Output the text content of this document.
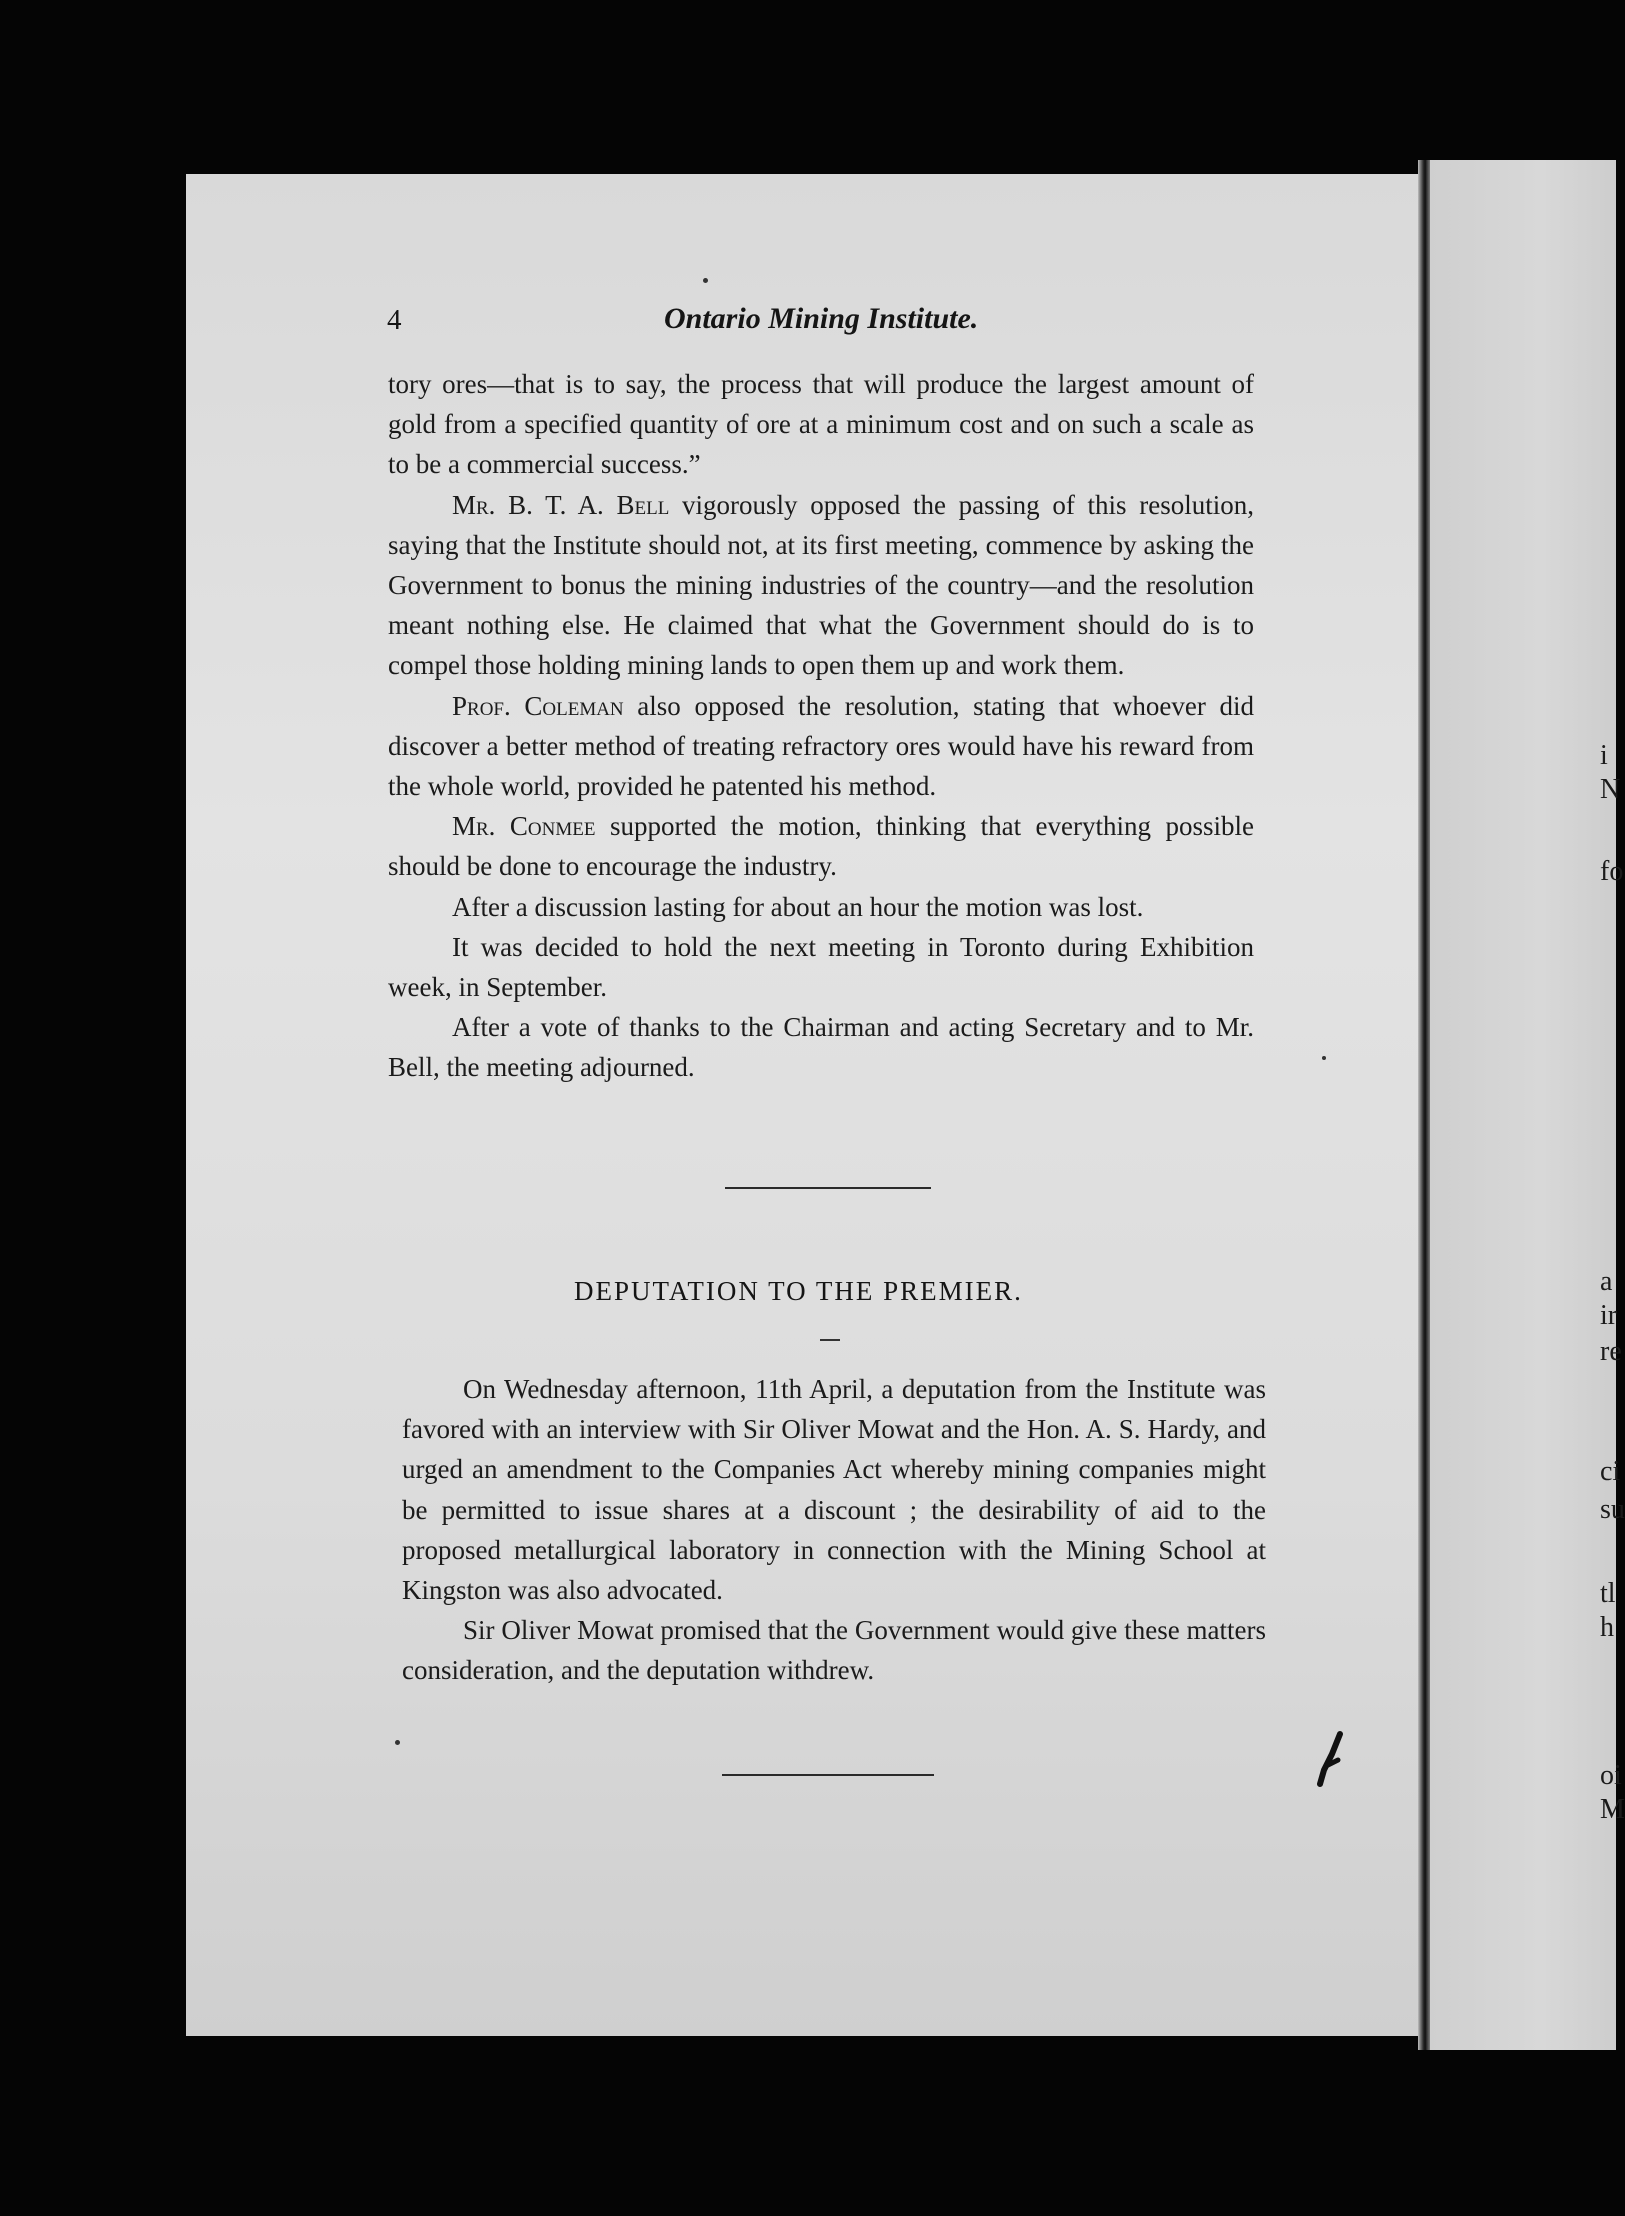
4	Ontario Mining Institute.

tory ores—that is to say, the process that will produce the largest amount of gold from a specified quantity of ore at a minimum cost and on such a scale as to be a commercial success.”

Mr. B. T. A. Bell vigorously opposed the passing of this resolution, saying that the Institute should not, at its first meeting, commence by asking the Government to bonus the mining industries of the country—and the resolution meant nothing else. He claimed that what the Government should do is to compel those holding mining lands to open them up and work them.

Prof. Coleman also opposed the resolution, stating that whoever did discover a better method of treating refractory ores would have his reward from the whole world, provided he patented his method.

Mr. Conmee supported the motion, thinking that everything possible should be done to encourage the industry.

After a discussion lasting for about an hour the motion was lost.

It was decided to hold the next meeting in Toronto during Exhibition week, in September.

After a vote of thanks to the Chairman and acting Secretary and to Mr. Bell, the meeting adjourned.

DEPUTATION TO THE PREMIER.

On Wednesday afternoon, 11th April, a deputation from the Institute was favored with an interview with Sir Oliver Mowat and the Hon. A. S. Hardy, and urged an amendment to the Companies Act whereby mining companies might be permitted to issue shares at a discount ; the desirability of aid to the proposed metallurgical laboratory in connection with the Mining School at Kingston was also advocated.

Sir Oliver Mowat promised that the Government would give these matters consideration, and the deputation withdrew.

i
N
fo
a
ir
re
ci
su
tl
h
oi
M
